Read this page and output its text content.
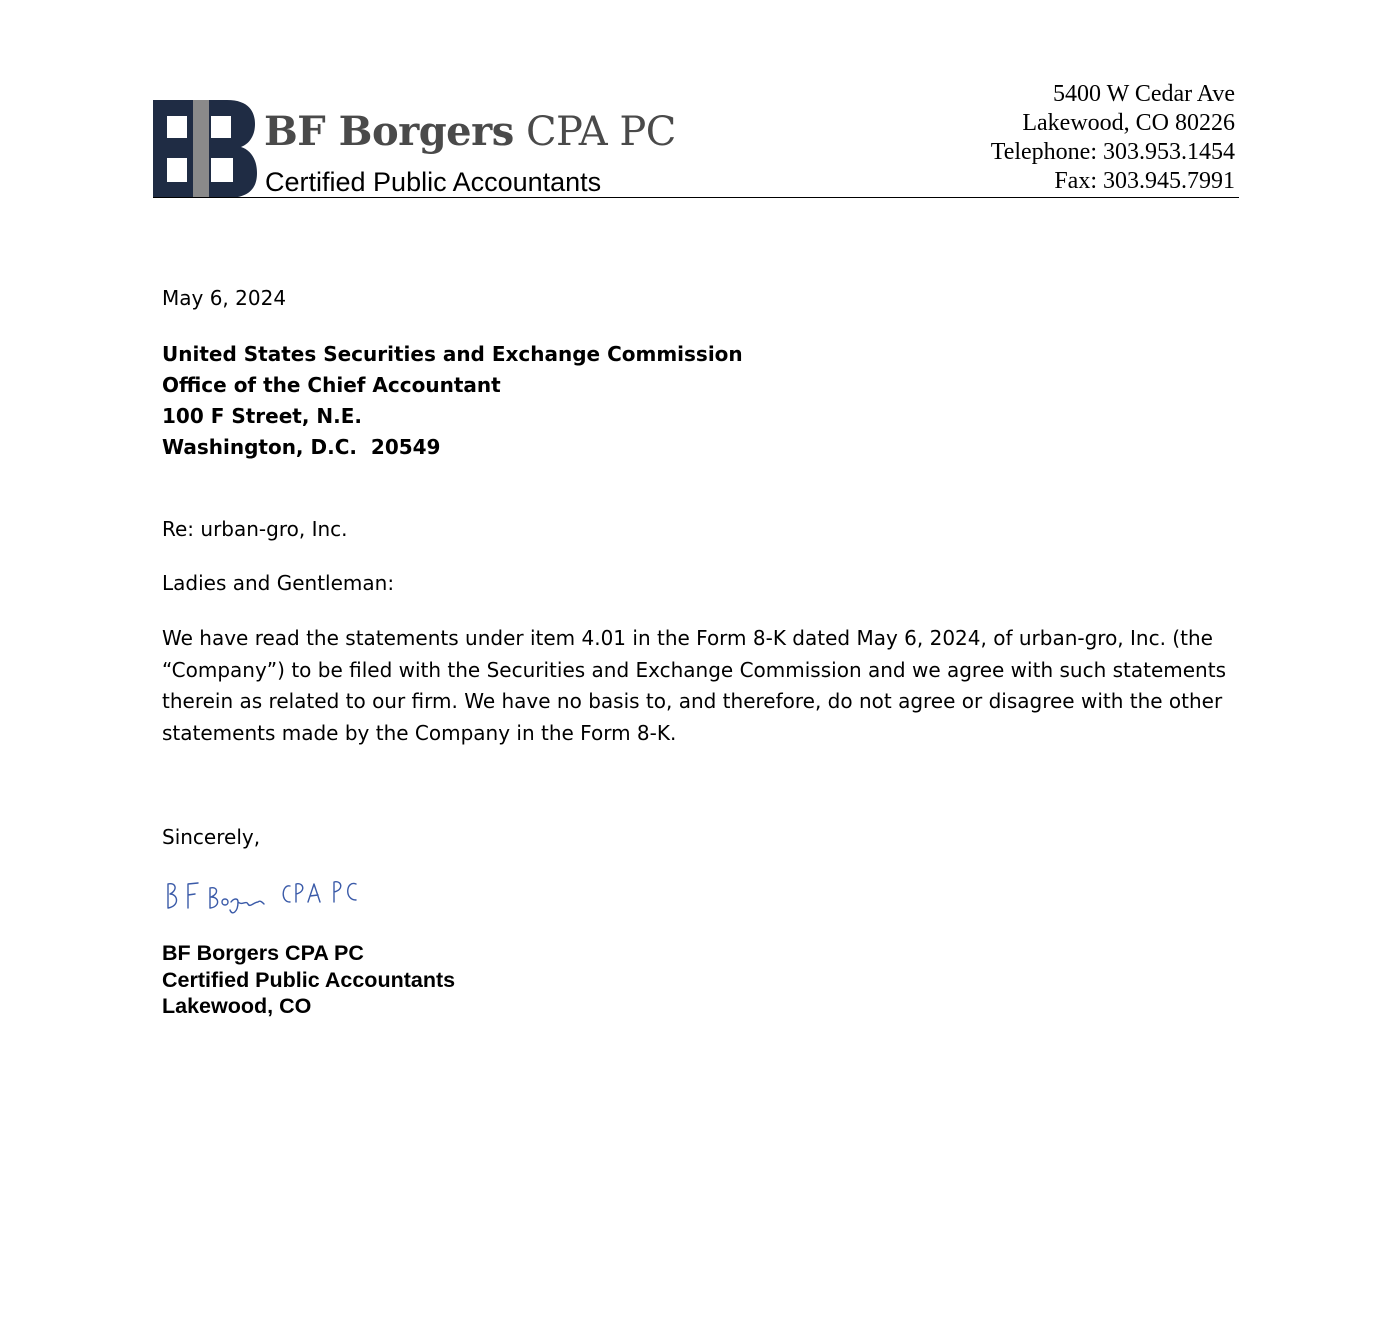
BF Borgers CPA PC
Certified Public Accountants
5400 W Cedar Ave
Lakewood, CO 80226
Telephone: 303.953.1454
Fax: 303.945.7991
May 6, 2024
United States Securities and Exchange Commission
Office of the Chief Accountant
100 F Street, N.E.
Washington, D.C.  20549
Re: urban-gro, Inc.
Ladies and Gentleman:
We have read the statements under item 4.01 in the Form 8-K dated May 6, 2024, of urban-gro, Inc. (the “Company”) to be filed with the Securities and Exchange Commission and we agree with such statements therein as related to our firm. We have no basis to, and therefore, do not agree or disagree with the other statements made by the Company in the Form 8-K.
Sincerely,
BF Borgers CPA PC
Certified Public Accountants
Lakewood, CO
